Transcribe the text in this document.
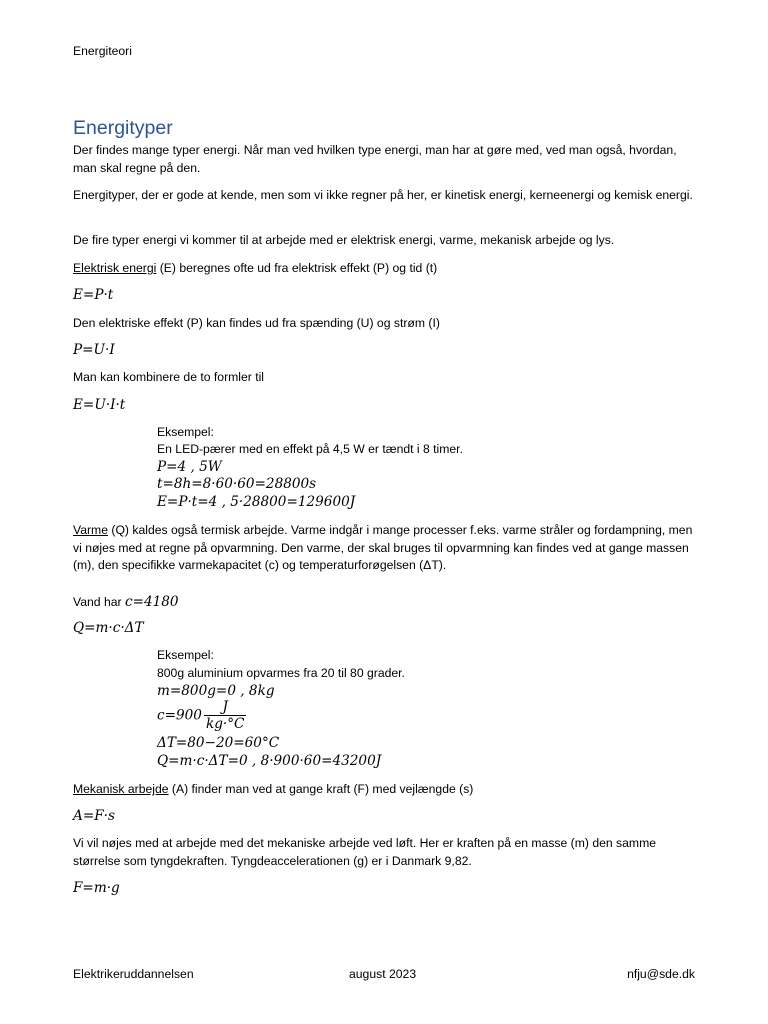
Energiteori
Energityper
Der findes mange typer energi. Når man ved hvilken type energi, man har at gøre med, ved man også, hvordan, man skal regne på den.
Energityper, der er gode at kende, men som vi ikke regner på her, er kinetisk energi, kerneenergi og kemisk energi.
De fire typer energi vi kommer til at arbejde med er elektrisk energi, varme, mekanisk arbejde og lys.
Elektrisk energi (E) beregnes ofte ud fra elektrisk effekt (P) og tid (t)
E=P·t
Den elektriske effekt (P) kan findes ud fra spænding (U) og strøm (I)
P=U·I
Man kan kombinere de to formler til
E=U·I·t
Eksempel:
En LED-pærer med en effekt på 4,5 W er tændt i 8 timer.
P=4 , 5W
t=8h=8·60·60=28800s
E=P·t=4 , 5·28800=129600J
Varme (Q) kaldes også termisk arbejde. Varme indgår i mange processer f.eks. varme stråler og fordampning, men vi nøjes med at regne på opvarmning. Den varme, der skal bruges til opvarmning kan findes ved at gange massen (m), den specifikke varmekapacitet (c) og temperaturforøgelsen (ΔT).
Vand har c=4180
Q=m·c·ΔT
Eksempel:
800g aluminium opvarmes fra 20 til 80 grader.
m=800g=0 , 8kg
$c=900 \frac{J}{kg\cdot^\circ C}$
ΔT=80−20=60°C
Q=m·c·ΔT=0 , 8·900·60=43200J
Mekanisk arbejde (A) finder man ved at gange kraft (F) med vejlængde (s)
A=F·s
Vi vil nøjes med at arbejde med det mekaniske arbejde ved løft. Her er kraften på en masse (m) den samme størrelse som tyngdekraften. Tyngdeaccelerationen (g) er i Danmark 9,82.
F=m·g
Elektrikeruddannelsen	august 2023	nfju@sde.dk
